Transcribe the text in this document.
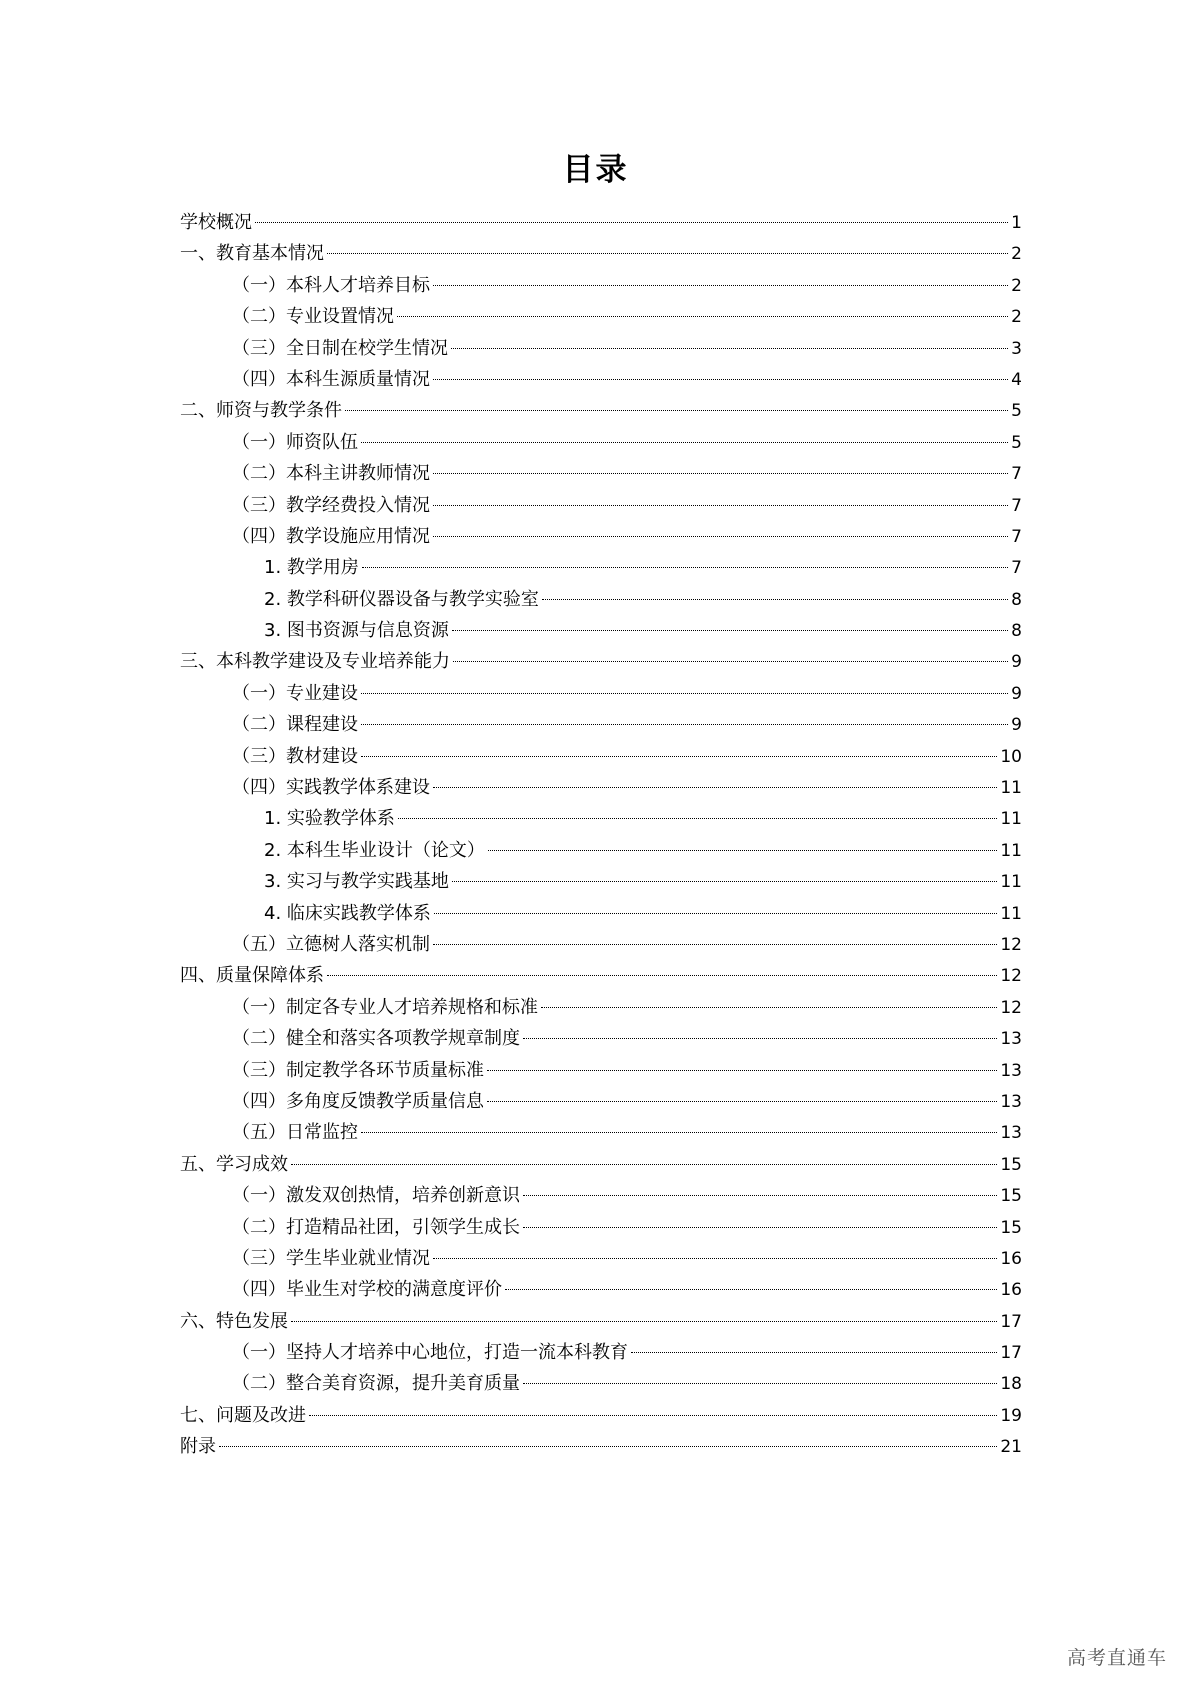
目录
学校概况	1
一、教育基本情况	2
（一）本科人才培养目标	2
（二）专业设置情况	2
（三）全日制在校学生情况	3
（四）本科生源质量情况	4
二、师资与教学条件	5
（一）师资队伍	5
（二）本科主讲教师情况	7
（三）教学经费投入情况	7
（四）教学设施应用情况	7
1. 教学用房	7
2. 教学科研仪器设备与教学实验室	8
3. 图书资源与信息资源	8
三、本科教学建设及专业培养能力	9
（一）专业建设	9
（二）课程建设	9
（三）教材建设	10
（四）实践教学体系建设	11
1. 实验教学体系	11
2. 本科生毕业设计（论文）	11
3. 实习与教学实践基地	11
4. 临床实践教学体系	11
（五）立德树人落实机制	12
四、质量保障体系	12
（一）制定各专业人才培养规格和标准	12
（二）健全和落实各项教学规章制度	13
（三）制定教学各环节质量标准	13
（四）多角度反馈教学质量信息	13
（五）日常监控	13
五、学习成效	15
（一）激发双创热情，培养创新意识	15
（二）打造精品社团，引领学生成长	15
（三）学生毕业就业情况	16
（四）毕业生对学校的满意度评价	16
六、特色发展	17
（一）坚持人才培养中心地位，打造一流本科教育	17
（二）整合美育资源，提升美育质量	18
七、问题及改进	19
附录	21
高考直通车
